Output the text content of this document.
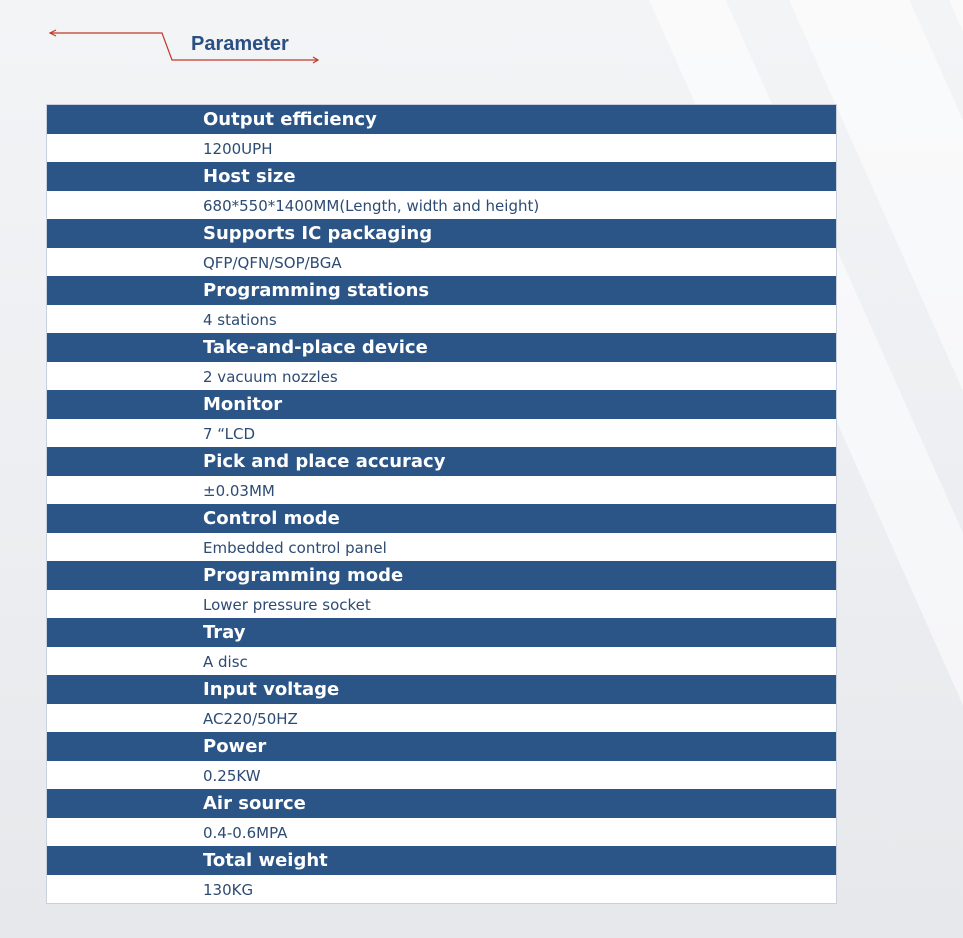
Parameter
Output efficiency
1200UPH
Host size
680*550*1400MM(Length, width and height)
Supports IC packaging
QFP/QFN/SOP/BGA
Programming stations
4 stations
Take-and-place device
2 vacuum nozzles
Monitor
7 “LCD
Pick and place accuracy
±0.03MM
Control mode
Embedded control panel
Programming mode
Lower pressure socket
Tray
A disc
Input voltage
AC220/50HZ
Power
0.25KW
Air source
0.4-0.6MPA
Total weight
130KG
